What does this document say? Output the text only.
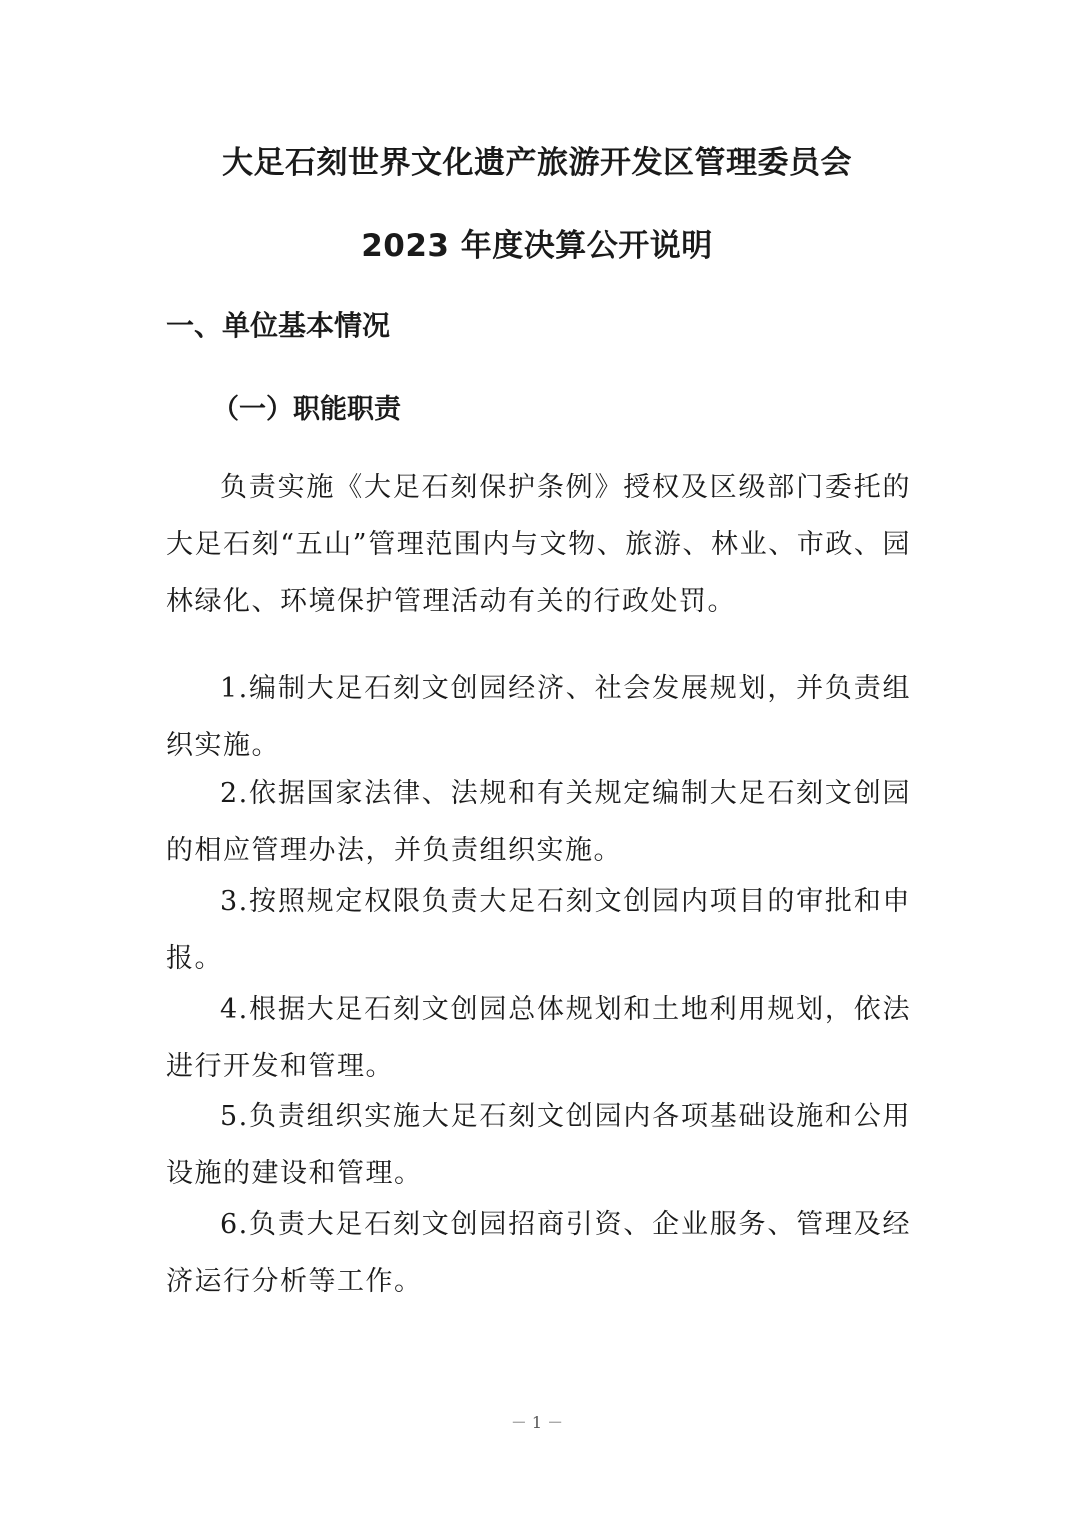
大足石刻世界文化遗产旅游开发区管理委员会
2023 年度决算公开说明
一、单位基本情况
（一）职能职责
负责实施《大足石刻保护条例》授权及区级部门委托的大足石刻“五山”管理范围内与文物、旅游、林业、市政、园林绿化、环境保护管理活动有关的行政处罚。
1.编制大足石刻文创园经济、社会发展规划，并负责组织实施。
2.依据国家法律、法规和有关规定编制大足石刻文创园的相应管理办法，并负责组织实施。
3.按照规定权限负责大足石刻文创园内项目的审批和申报。
4.根据大足石刻文创园总体规划和土地利用规划，依法进行开发和管理。
5.负责组织实施大足石刻文创园内各项基础设施和公用设施的建设和管理。
6.负责大足石刻文创园招商引资、企业服务、管理及经济运行分析等工作。
－ 1 －
